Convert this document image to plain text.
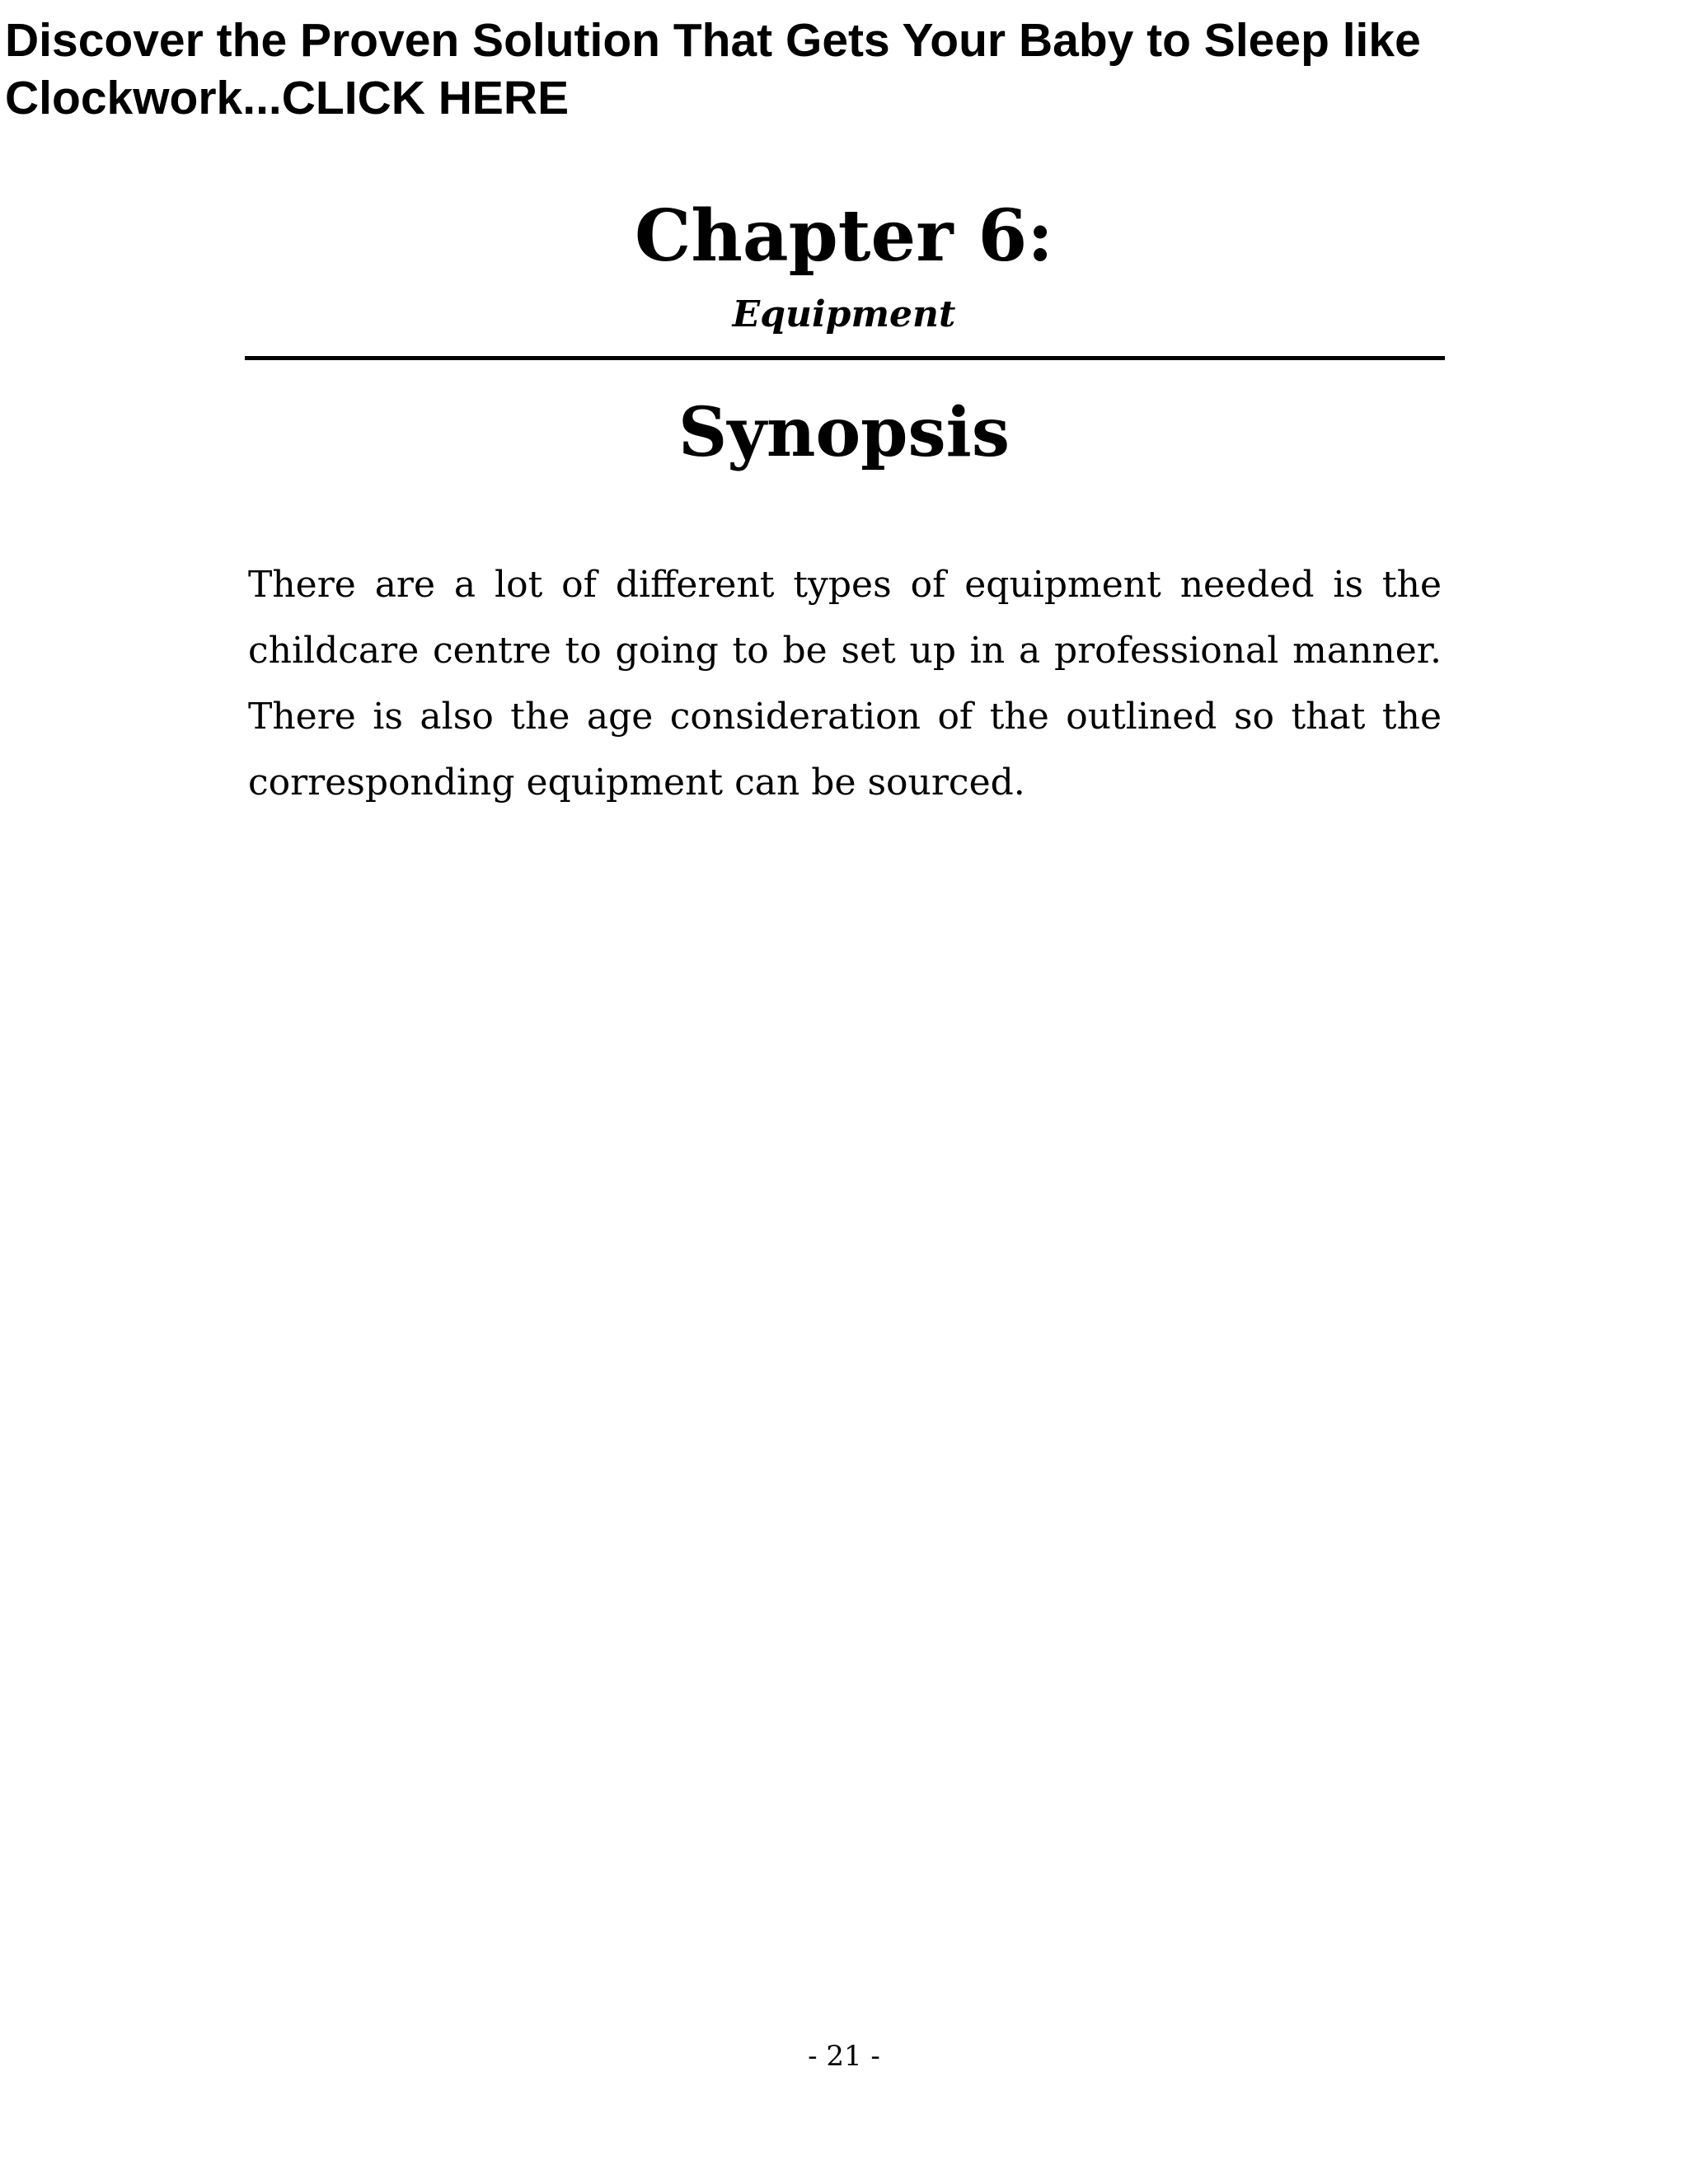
Discover the Proven Solution That Gets Your Baby to Sleep like Clockwork...CLICK HERE
Chapter 6:
Equipment
Synopsis

There are a lot of different types of equipment needed is the childcare centre to going to be set up in a professional manner. There is also the age consideration of the outlined so that the corresponding equipment can be sourced.

- 21 -
